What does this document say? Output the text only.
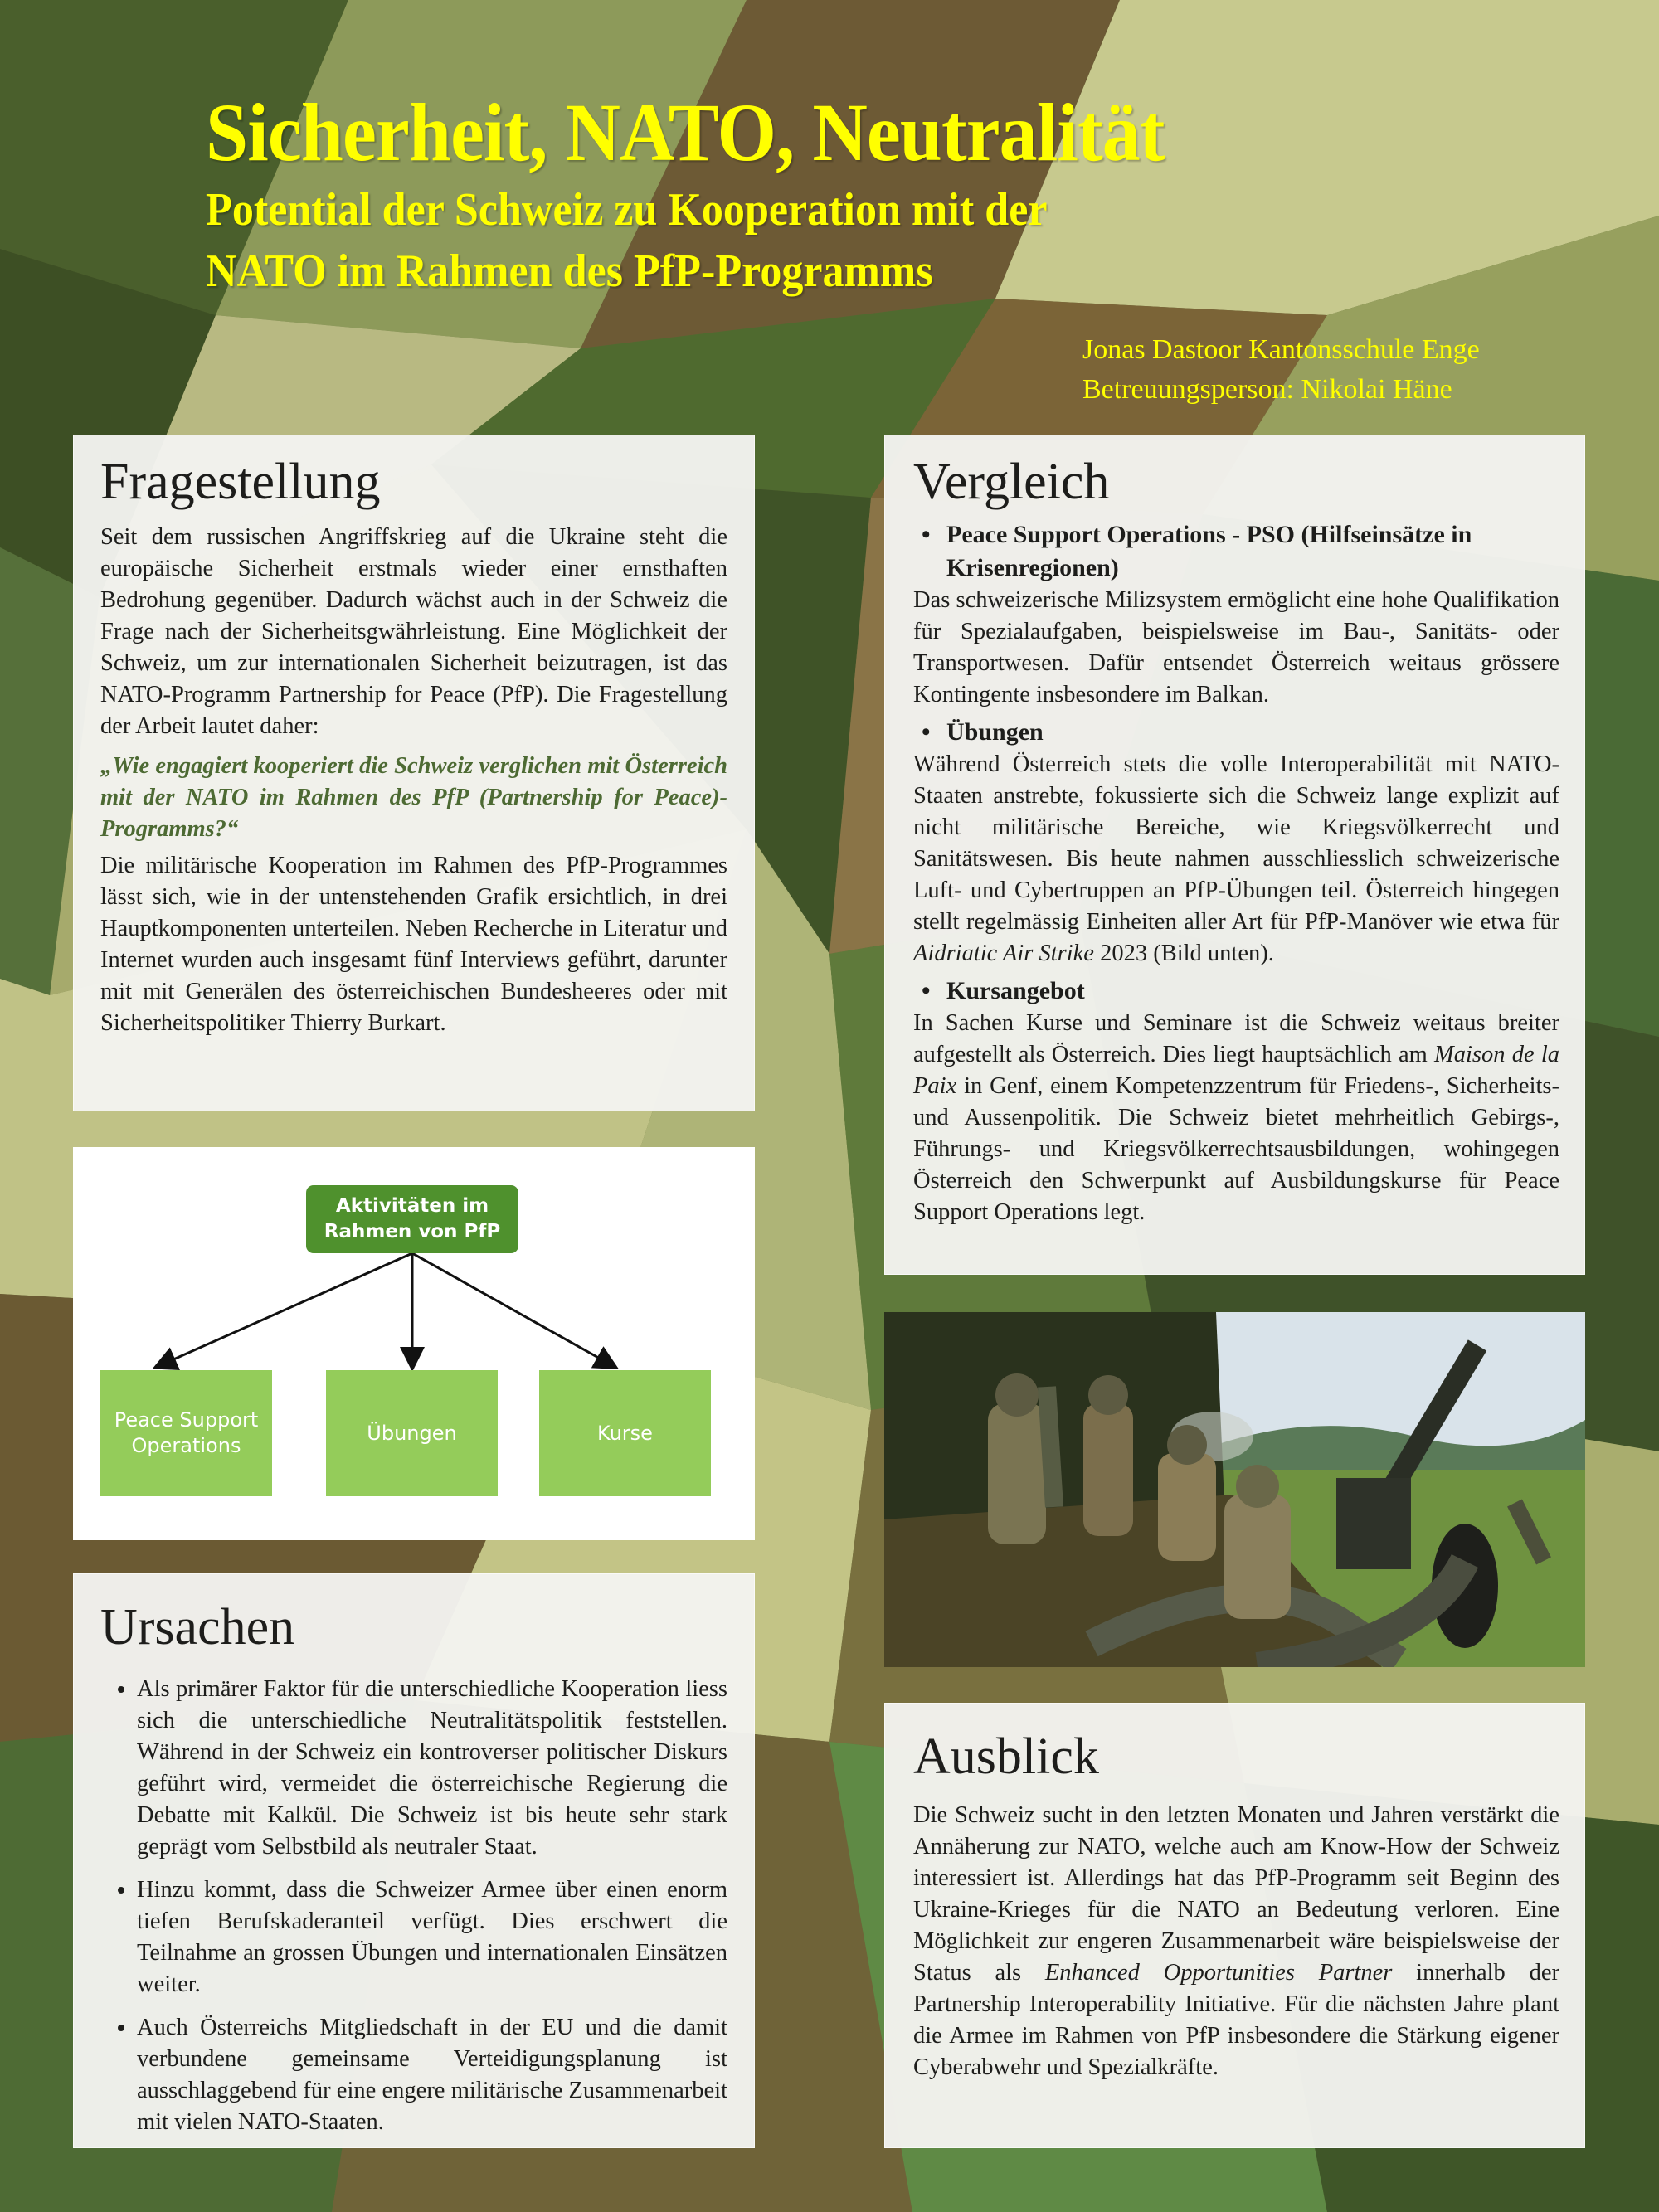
Sicherheit, NATO, Neutralität
Potential der Schweiz zu Kooperation mit der
NATO im Rahmen des PfP-Programms
Jonas Dastoor Kantonsschule Enge
Betreuungsperson: Nikolai Häne
Fragestellung

Seit dem russischen Angriffskrieg auf die Ukraine steht die europäische Sicherheit erstmals wieder einer ernsthaften Bedrohung gegenüber. Dadurch wächst auch in der Schweiz die Frage nach der Sicherheitsgwährleistung. Eine Möglichkeit der Schweiz, um zur internationalen Sicherheit beizutragen, ist das NATO-Programm Partnership for Peace (PfP). Die Fragestellung der Arbeit lautet daher:

„Wie engagiert kooperiert die Schweiz verglichen mit Österreich mit der NATO im Rahmen des PfP (Partnership for Peace)-Programms?“

Die militärische Kooperation im Rahmen des PfP-Programmes lässt sich, wie in der untenstehenden Grafik ersichtlich, in drei Hauptkomponenten unterteilen. Neben Recherche in Literatur und Internet wurden auch insgesamt fünf Interviews geführt, darunter mit mit Generälen des österreichischen Bundesheeres oder mit Sicherheitspolitiker Thierry Burkart.

Aktivitäten im Rahmen von PfP
Peace Support Operations
Übungen	Kurse
Ursachen
• Als primärer Faktor für die unterschiedliche Kooperation liess sich die unterschiedliche Neutralitätspolitik feststellen. Während in der Schweiz ein kontroverser politischer Diskurs geführt wird, vermeidet die österreichische Regierung die Debatte mit Kalkül. Die Schweiz ist bis heute sehr stark geprägt vom Selbstbild als neutraler Staat.
• Hinzu kommt, dass die Schweizer Armee über einen enorm tiefen Berufskaderanteil verfügt. Dies erschwert die Teilnahme an grossen Übungen und internationalen Einsätzen weiter.
• Auch Österreichs Mitgliedschaft in der EU und die damit verbundene gemeinsame Verteidigungsplanung ist ausschlaggebend für eine engere militärische Zusammenarbeit mit vielen NATO-Staaten.
Vergleich
• Peace Support Operations - PSO (Hilfseinsätze in Krisenregionen)

Das schweizerische Milizsystem ermöglicht eine hohe Qualifikation für Spezialaufgaben, beispielsweise im Bau-, Sanitäts- oder Transportwesen. Dafür entsendet Österreich weitaus grössere Kontingente insbesondere im Balkan.

• Übungen

Während Österreich stets die volle Interoperabilität mit NATO-Staaten anstrebte, fokussierte sich die Schweiz lange explizit auf nicht militärische Bereiche, wie Kriegsvölkerrecht und Sanitätswesen. Bis heute nahmen ausschliesslich schweizerische Luft- und Cybertruppen an PfP-Übungen teil. Österreich hingegen stellt regelmässig Einheiten aller Art für PfP-Manöver wie etwa für Aidriatic Air Strike 2023 (Bild unten).

• Kursangebot

In Sachen Kurse und Seminare ist die Schweiz weitaus breiter aufgestellt als Österreich. Dies liegt hauptsächlich am Maison de la Paix in Genf, einem Kompetenzzentrum für Friedens-, Sicherheits- und Aussenpolitik. Die Schweiz bietet mehrheitlich Gebirgs-, Führungs- und Kriegsvölkerrechtsausbildungen, wohingegen Österreich den Schwerpunkt auf Ausbildungskurse für Peace Support Operations legt.

Ausblick

Die Schweiz sucht in den letzten Monaten und Jahren verstärkt die Annäherung zur NATO, welche auch am Know-How der Schweiz interessiert ist. Allerdings hat das PfP-Programm seit Beginn des Ukraine-Krieges für die NATO an Bedeutung verloren. Eine Möglichkeit zur engeren Zusammenarbeit wäre beispielsweise der Status als Enhanced Opportunities Partner innerhalb der Partnership Interoperability Initiative. Für die nächsten Jahre plant die Armee im Rahmen von PfP insbesondere die Stärkung eigener Cyberabwehr und Spezialkräfte.
